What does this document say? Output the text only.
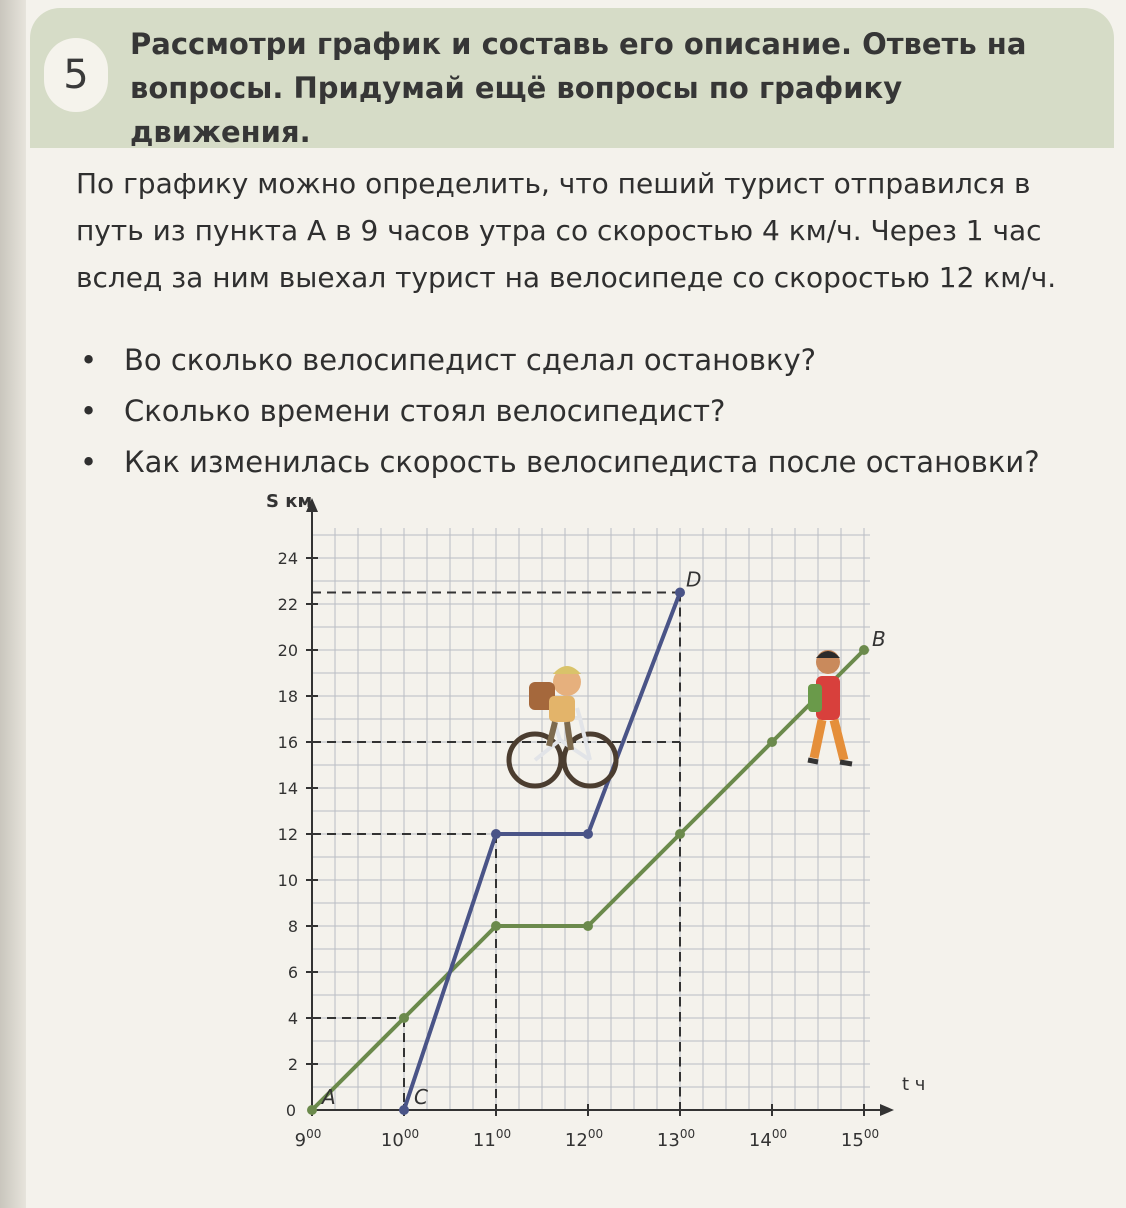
5

Рассмотри график и составь его описание. Ответь на вопросы. Придумай ещё вопросы по графику движения.

По графику можно определить, что пеший турист отправился в путь из пункта А в 9 часов утра со скоростью 4 км/ч. Через 1 час вслед за ним выехал турист на велосипеде со скоростью 12 км/ч.

• Во сколько велосипедист сделал остановку?
• Сколько времени стоял велосипедист?
• Как изменилась скорость велосипедиста после остановки?
2
4
6
8
10
12
14
16
18
20
22
24
0
$9^{00}$	$10^{00}$	$11^{00}$	$12^{00}$	$13^{00}$	$14^{00}$	$15^{00}$
S км
t ч
A	C
D
B
